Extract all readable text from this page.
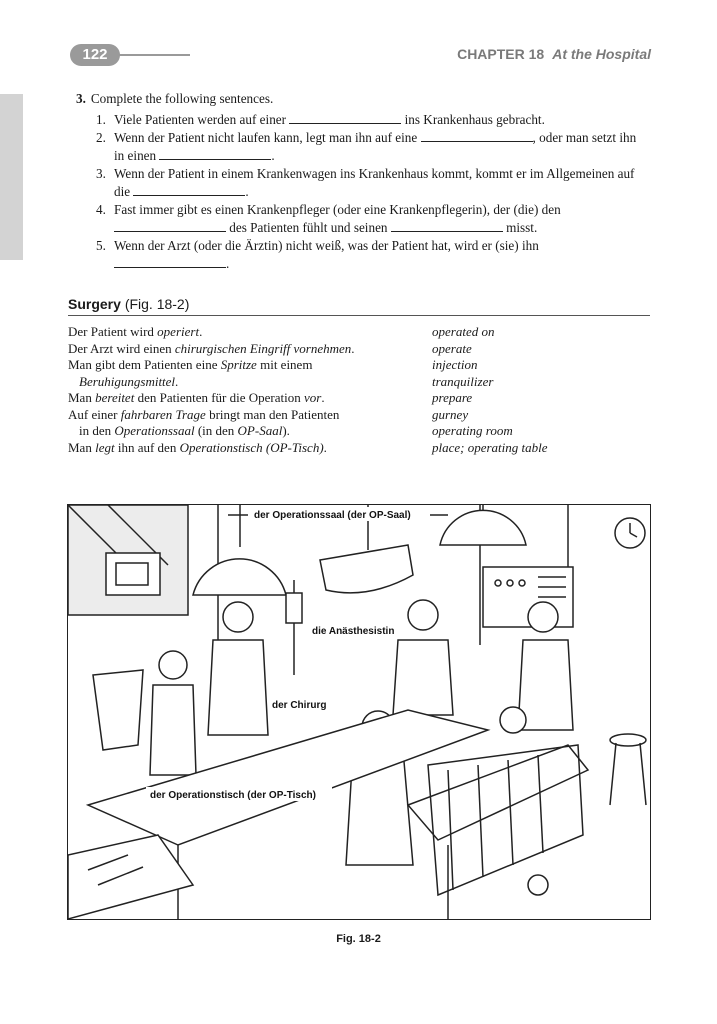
122	CHAPTER 18 At the Hospital
3. Complete the following sentences.
1. Viele Patienten werden auf einer	ins Krankenhaus gebracht.
2. Wenn der Patient nicht laufen kann, legt man ihn auf eine	, oder man setzt ihn in einen	.
3. Wenn der Patient in einem Krankenwagen ins Krankenhaus kommt, kommt er im Allgemeinen auf die	.
4. Fast immer gibt es einen Krankenpfleger (oder eine Krankenpflegerin), der (die) den  des Patienten fühlt und seinen	misst.
5. Wenn der Arzt (oder die Ärztin) nicht weiß, was der Patient hat, wird er (sie) ihn .
Surgery (Fig. 18-2)
Der Patient wird operiert.	operated on
Der Arzt wird einen chirurgischen Eingriff vornehmen.	operate
Man gibt dem Patienten eine Spritze mit einem	injection
Beruhigungsmittel.	tranquilizer
Man bereitet den Patienten für die Operation vor.	prepare
Auf einer fahrbaren Trage bringt man den Patienten	gurney
in den Operationssaal (in den OP-Saal).	operating room
Man legt ihn auf den Operationstisch (OP-Tisch).	place; operating table
der Operationssaal (der OP-Saal)
die Anästhesistin
der Chirurg
der Operationstisch (der OP-Tisch)
Fig. 18-2
